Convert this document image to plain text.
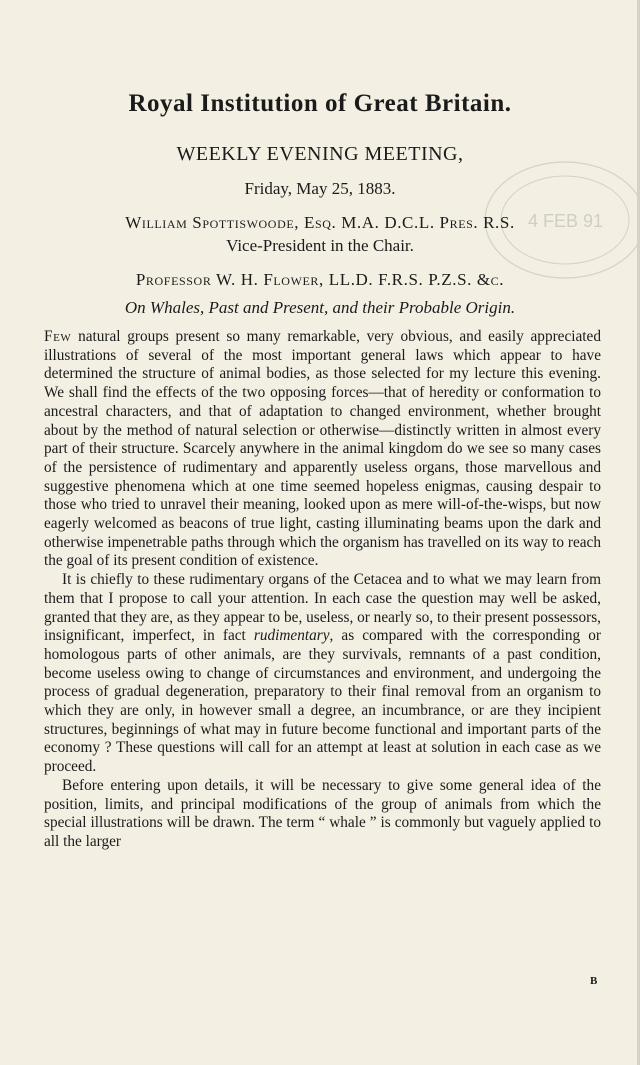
4 FEB 91
Royal Institution of Great Britain.
WEEKLY EVENING MEETING,
Friday, May 25, 1883.
William Spottiswoode, Esq. M.A. D.C.L. Pres. R.S.
Vice-President in the Chair.
Professor W. H. Flower, LL.D. F.R.S. P.Z.S. &c.
On Whales, Past and Present, and their Probable Origin.

Few natural groups present so many remarkable, very obvious, and easily appreciated illustrations of several of the most important general laws which appear to have determined the structure of animal bodies, as those selected for my lecture this evening. We shall find the effects of the two opposing forces—that of heredity or conformation to ancestral characters, and that of adaptation to changed environment, whether brought about by the method of natural selection or otherwise—distinctly written in almost every part of their structure. Scarcely anywhere in the animal kingdom do we see so many cases of the persistence of rudimentary and apparently useless organs, those marvellous and suggestive phenomena which at one time seemed hopeless enigmas, causing despair to those who tried to unravel their meaning, looked upon as mere will-of-the-wisps, but now eagerly welcomed as beacons of true light, casting illuminating beams upon the dark and otherwise impenetrable paths through which the organism has travelled on its way to reach the goal of its present condition of existence.

It is chiefly to these rudimentary organs of the Cetacea and to what we may learn from them that I propose to call your attention. In each case the question may well be asked, granted that they are, as they appear to be, useless, or nearly so, to their present possessors, insignificant, imperfect, in fact rudimentary, as compared with the corresponding or homologous parts of other animals, are they survivals, remnants of a past condition, become useless owing to change of circumstances and environment, and undergoing the process of gradual degeneration, preparatory to their final removal from an organism to which they are only, in however small a degree, an incumbrance, or are they incipient structures, beginnings of what may in future become functional and important parts of the economy ? These questions will call for an attempt at least at solution in each case as we proceed.

Before entering upon details, it will be necessary to give some general idea of the position, limits, and principal modifications of the group of animals from which the special illustrations will be drawn. The term “ whale ” is commonly but vaguely applied to all the larger

B
